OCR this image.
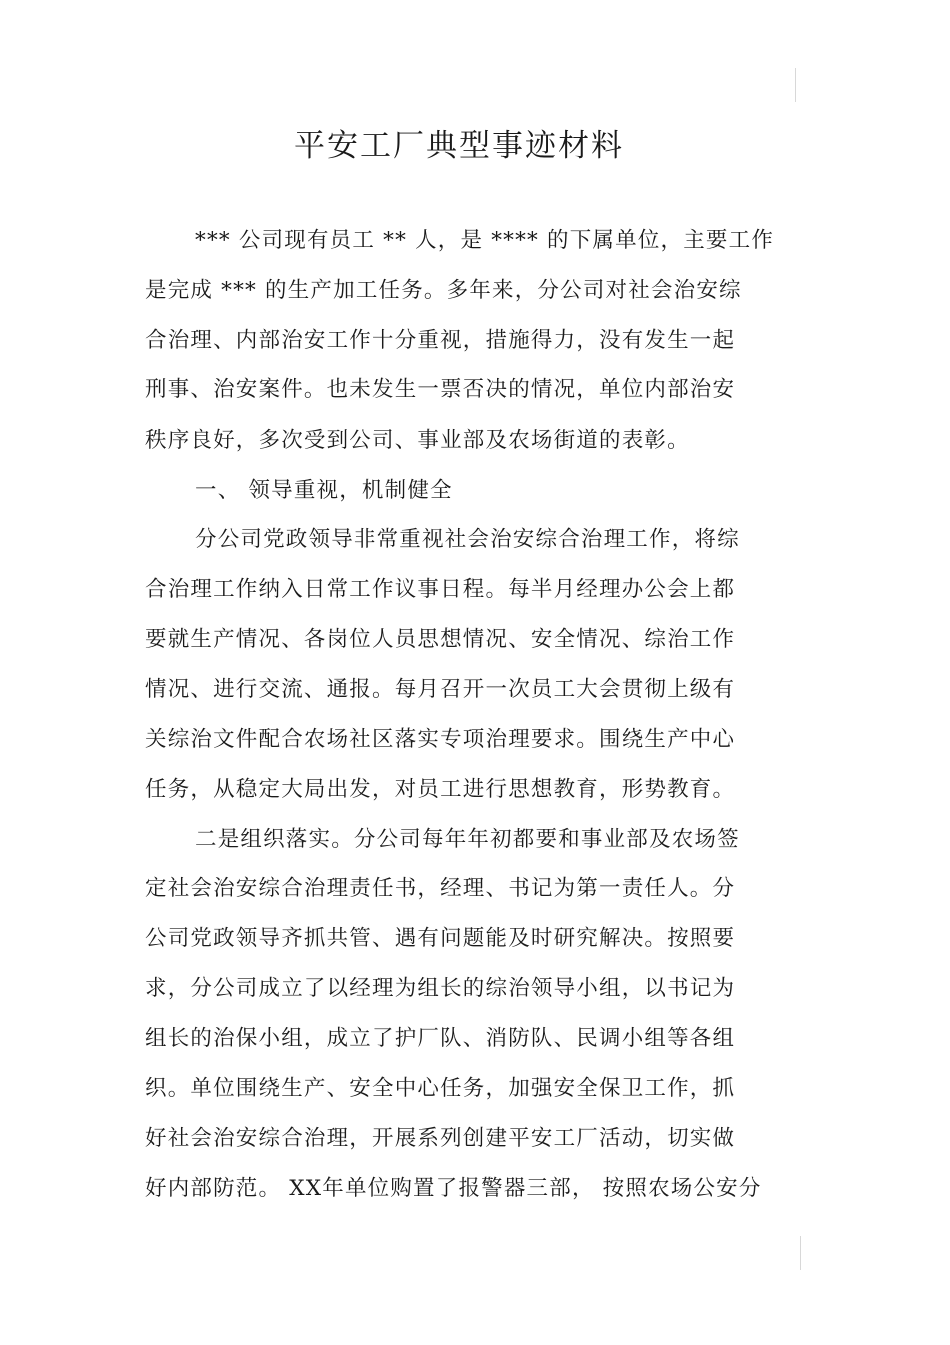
平安工厂典型事迹材料
*** 公司现有员工 ** 人，是 **** 的下属单位，主要工作
是完成 *** 的生产加工任务。多年来，分公司对社会治安综
合治理、内部治安工作十分重视，措施得力，没有发生一起
刑事、治安案件。也未发生一票否决的情况，单位内部治安
秩序良好，多次受到公司、事业部及农场街道的表彰。
一、 领导重视，机制健全
分公司党政领导非常重视社会治安综合治理工作，将综
合治理工作纳入日常工作议事日程。每半月经理办公会上都
要就生产情况、各岗位人员思想情况、安全情况、综治工作
情况、进行交流、通报。每月召开一次员工大会贯彻上级有
关综治文件配合农场社区落实专项治理要求。围绕生产中心
任务，从稳定大局出发，对员工进行思想教育，形势教育。
二是组织落实。分公司每年年初都要和事业部及农场签
定社会治安综合治理责任书，经理、书记为第一责任人。分
公司党政领导齐抓共管、遇有问题能及时研究解决。按照要
求，分公司成立了以经理为组长的综治领导小组，以书记为
组长的治保小组，成立了护厂队、消防队、民调小组等各组
织。单位围绕生产、安全中心任务，加强安全保卫工作，抓
好社会治安综合治理，开展系列创建平安工厂活动，切实做
好内部防范。 XX年单位购置了报警器三部， 按照农场公安分
